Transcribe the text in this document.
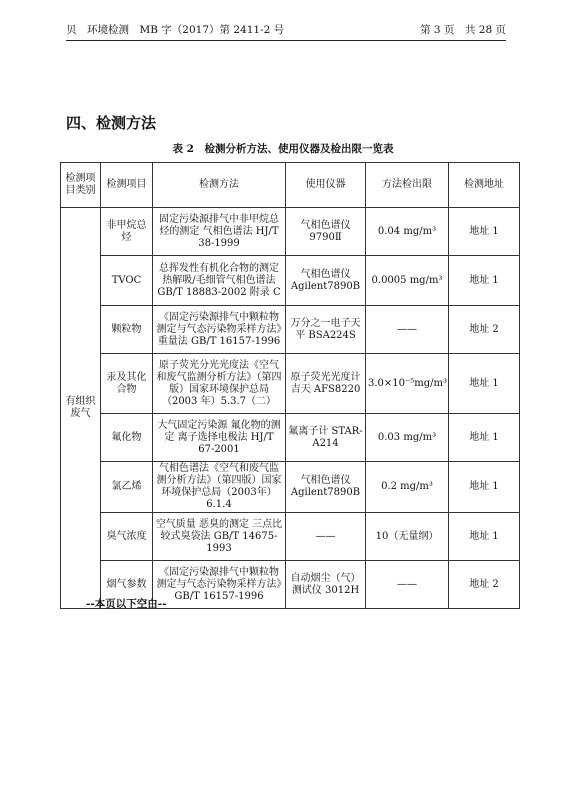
贝　环境检测　MB 字（2017）第 2411-2 号	第 3 页　共 28 页
四、检测方法
表 2　检测分析方法、使用仪器及检出限一览表
检测项目类别	检测项目	检测方法	使用仪器	方法检出限	检测地址
有组织废气	非甲烷总烃	固定污染源排气中非甲烷总烃的测定 气相色谱法 HJ/T 38-1999	气相色谱仪 9790Ⅱ	0.04 mg/m³	地址 1
	TVOC	总挥发性有机化合物的测定 热解吸/毛细管气相色谱法 GB/T 18883-2002 附录 C	气相色谱仪 Agilent7890B	0.0005 mg/m³	地址 1
	颗粒物	《固定污染源排气中颗粒物测定与气态污染物采样方法》重量法 GB/T 16157-1996	万分之一电子天平 BSA224S	——	地址 2
	汞及其化合物	原子荧光分光光度法《空气和废气监测分析方法》（第四版）国家环境保护总局（2003 年）5.3.7（二）	原子荧光光度计吉天 AFS8220	3.0×10⁻⁵mg/m³	地址 1
	氟化物	大气固定污染源 氟化物的测定 离子选择电极法 HJ/T 67-2001	氟离子计 STAR-A214	0.03 mg/m³	地址 1
	氯乙烯	气相色谱法《空气和废气监测分析方法》（第四版）国家环境保护总局（2003年）6.1.4	气相色谱仪 Agilent7890B	0.2 mg/m³	地址 1
	臭气浓度	空气质量 恶臭的测定 三点比较式臭袋法 GB/T 14675-1993	——	10（无量纲）	地址 1
	烟气参数	《固定污染源排气中颗粒物测定与气态污染物采样方法》GB/T 16157-1996	自动烟尘（气）测试仪 3012H	——	地址 2
--本页以下空白--
